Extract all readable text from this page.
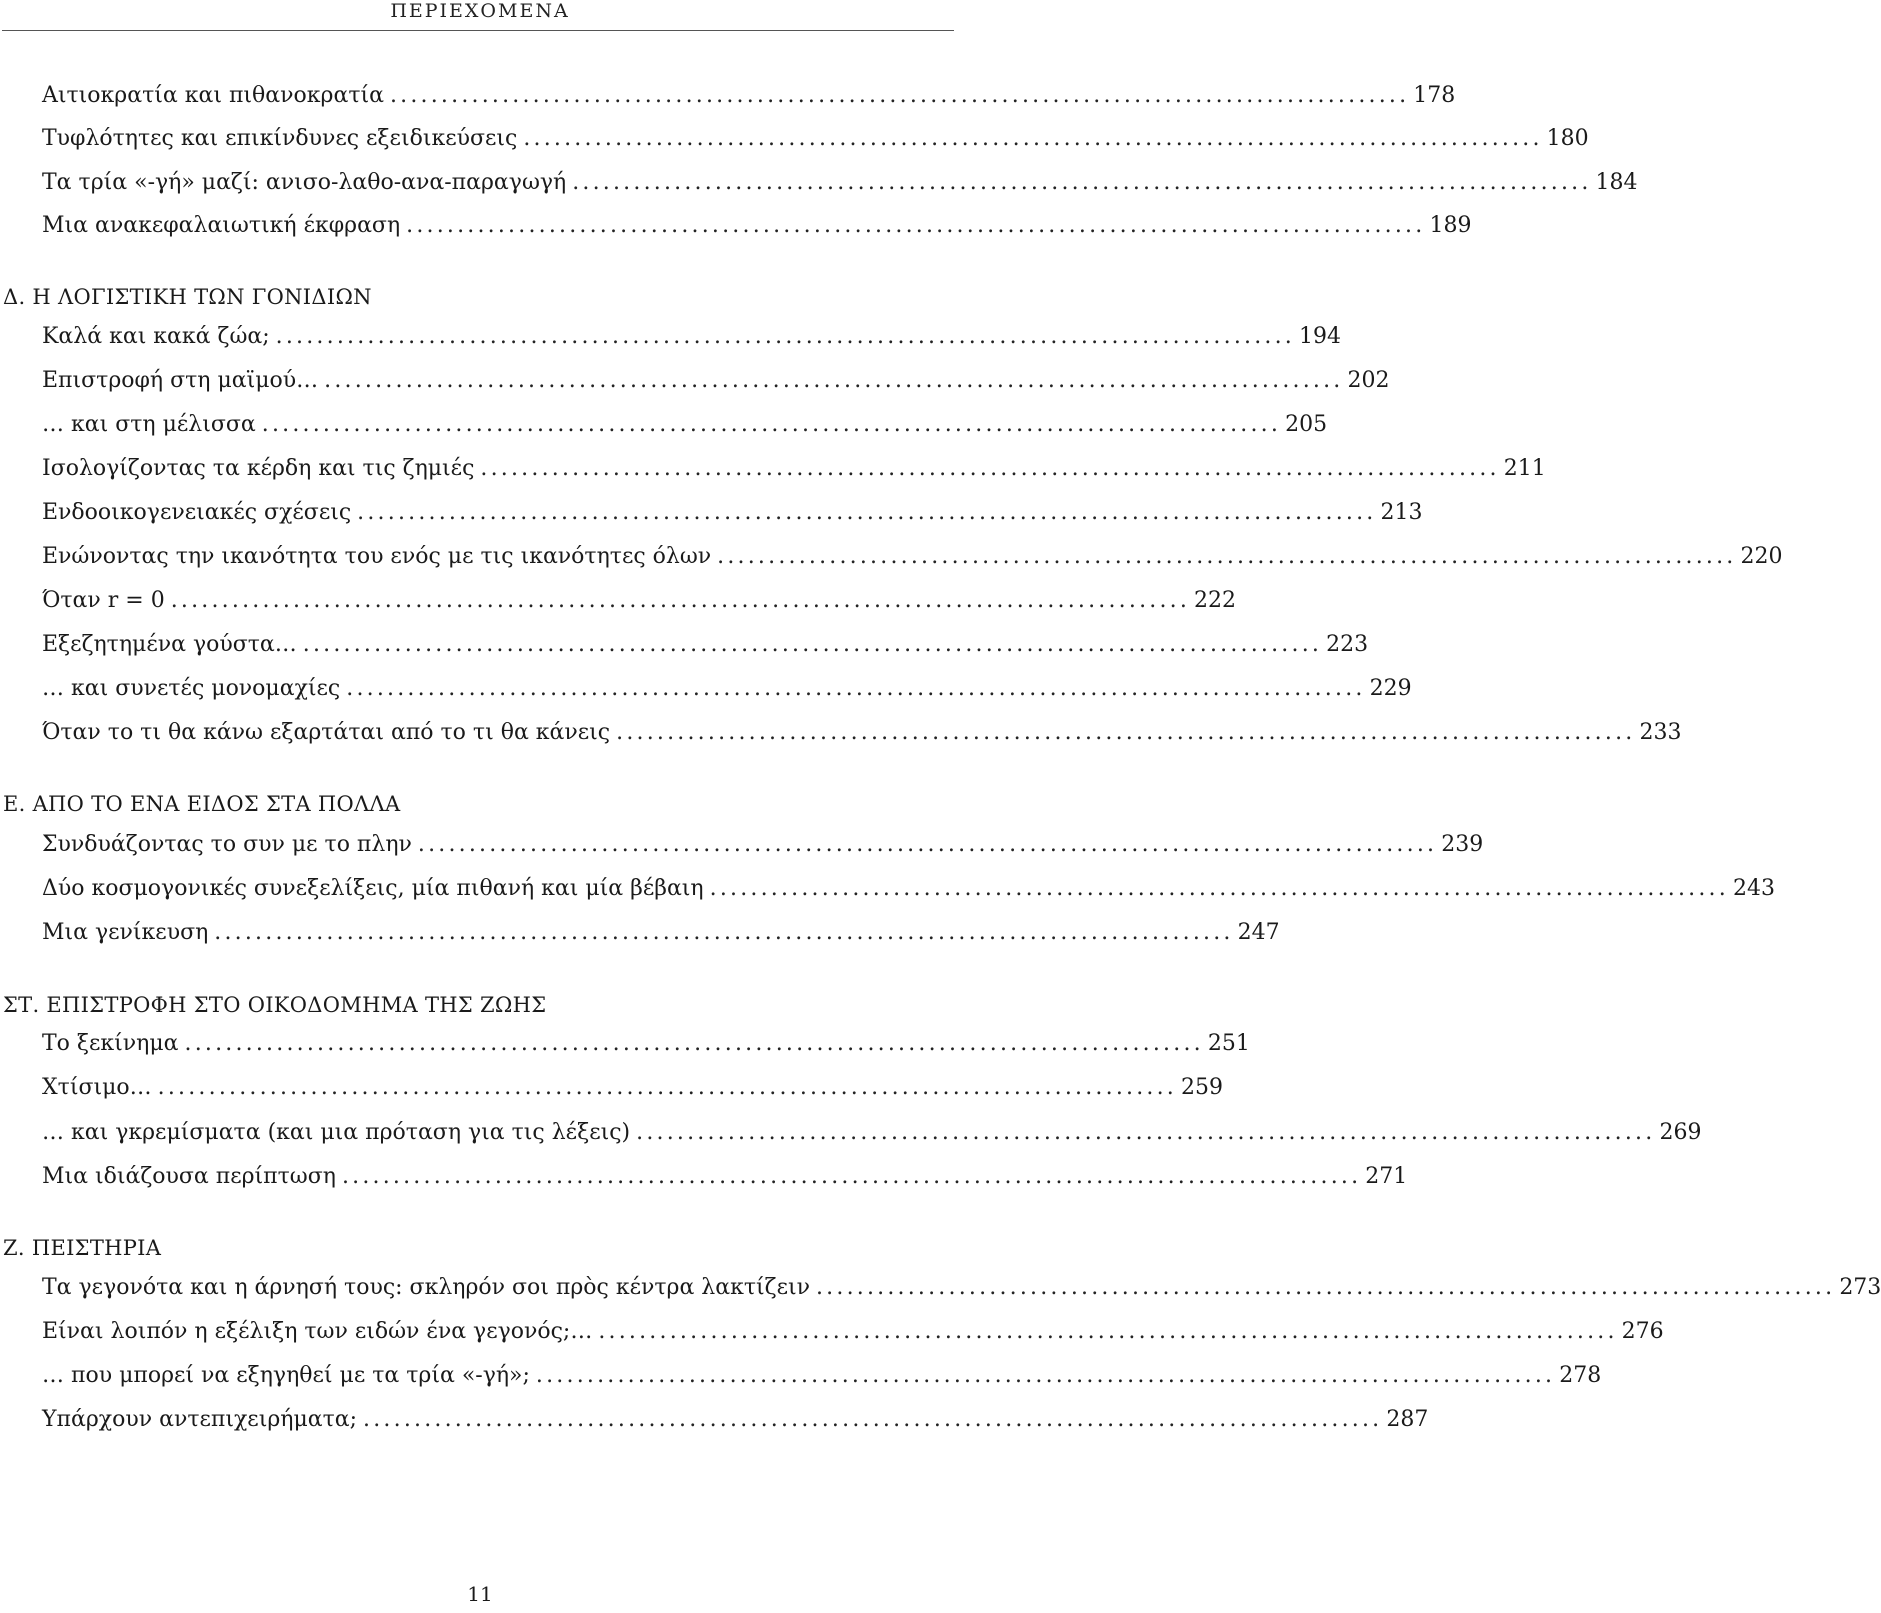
ΠΕΡΙΕΧΟΜΕΝΑ
Αιτιοκρατία και πιθανοκρατία .................................................................................................... 178
Τυφλότητες και επικίνδυνες εξειδικεύσεις .................................................................................................... 180
Τα τρία «-γή» μαζί: ανισο-λαθο-ανα-παραγωγή .................................................................................................... 184
Μια ανακεφαλαιωτική έκφραση .................................................................................................... 189
Δ. Η ΛΟΓΙΣΤΙΚΗ ΤΩΝ ΓΟΝΙΔΙΩΝ
Καλά και κακά ζώα; .................................................................................................... 194
Επιστροφή στη μαϊμού… .................................................................................................... 202
… και στη μέλισσα .................................................................................................... 205
Ισολογίζοντας τα κέρδη και τις ζημιές .................................................................................................... 211
Ενδοοικογενειακές σχέσεις .................................................................................................... 213
Ενώνοντας την ικανότητα του ενός με τις ικανότητες όλων .................................................................................................... 220
Όταν r = 0 .................................................................................................... 222
Εξεζητημένα γούστα… .................................................................................................... 223
… και συνετές μονομαχίες .................................................................................................... 229
Όταν το τι θα κάνω εξαρτάται από το τι θα κάνεις .................................................................................................... 233
Ε. ΑΠΟ ΤΟ ΕΝΑ ΕΙΔΟΣ ΣΤΑ ΠΟΛΛΑ
Συνδυάζοντας το συν με το πλην .................................................................................................... 239
Δύο κοσμογονικές συνεξελίξεις, μία πιθανή και μία βέβαιη .................................................................................................... 243
Μια γενίκευση .................................................................................................... 247
ΣΤ. ΕΠΙΣΤΡΟΦΗ ΣΤΟ ΟΙΚΟΔΟΜΗΜΑ ΤΗΣ ΖΩΗΣ
Το ξεκίνημα .................................................................................................... 251
Χτίσιμο… .................................................................................................... 259
… και γκρεμίσματα (και μια πρόταση για τις λέξεις) .................................................................................................... 269
Μια ιδιάζουσα περίπτωση .................................................................................................... 271
Ζ. ΠΕΙΣΤΗΡΙΑ
Τα γεγονότα και η άρνησή τους: σκληρόν σοι πρὸς κέντρα λακτίζειν .................................................................................................... 273
Είναι λοιπόν η εξέλιξη των ειδών ένα γεγονός;… .................................................................................................... 276
… που μπορεί να εξηγηθεί με τα τρία «-γή»; .................................................................................................... 278
Υπάρχουν αντεπιχειρήματα; .................................................................................................... 287
11
